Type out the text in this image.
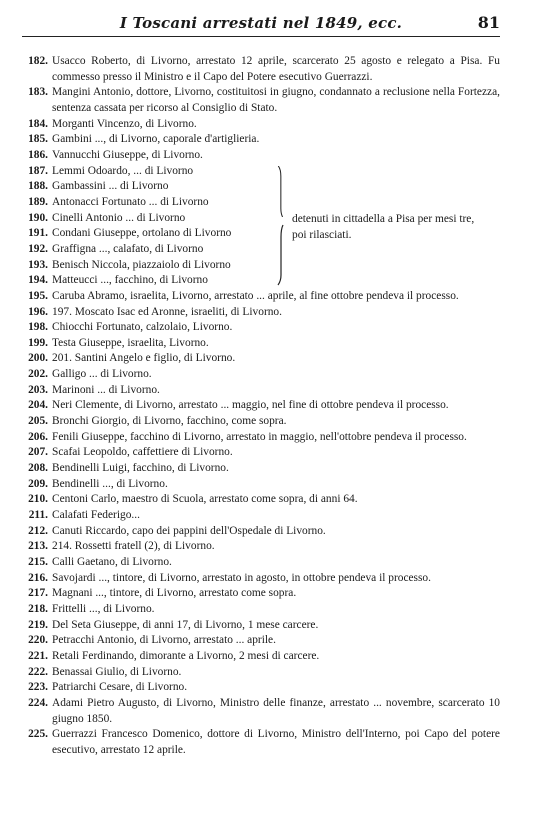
I Toscani arrestati nel 1849, ecc.	81
182. Usacco Roberto, di Livorno, arrestato 12 aprile, scarcerato 25 agosto e relegato a Pisa. Fu commesso presso il Ministro e il Capo del Potere esecutivo Guerrazzi.
183. Mangini Antonio, dottore, Livorno, costituitosi in giugno, condannato a reclusione nella Fortezza, sentenza cassata per ricorso al Consiglio di Stato.
184. Morganti Vincenzo, di Livorno.
185. Gambini ..., di Livorno, caporale d'artiglieria.
186. Vannucchi Giuseppe, di Livorno.
187. Lemmi Odoardo, ... di Livorno
188. Gambassini ... di Livorno
189. Antonacci Fortunato ... di Livorno
190. Cinelli Antonio ... di Livorno
191. Condani Giuseppe, ortolano di Livorno
192. Graffigna ..., calafato, di Livorno
193. Benisch Niccola, piazzaiolo di Livorno
194. Matteucci ..., facchino, di Livorno
195. Caruba Abramo, israelita, Livorno, arrestato ... aprile, al fine ottobre pendeva il processo.
196. 197. Moscato Isac ed Aronne, israeliti, di Livorno.
198. Chiocchi Fortunato, calzolaio, Livorno.
199. Testa Giuseppe, israelita, Livorno.
200. 201. Santini Angelo e figlio, di Livorno.
202. Galligo ... di Livorno.
203. Marinoni ... di Livorno.
204. Neri Clemente, di Livorno, arrestato ... maggio, nel fine di ottobre pendeva il processo.
205. Bronchi Giorgio, di Livorno, facchino, come sopra.
206. Fenili Giuseppe, facchino di Livorno, arrestato in maggio, nell'ottobre pendeva il processo.
207. Scafai Leopoldo, caffettiere di Livorno.
208. Bendinelli Luigi, facchino, di Livorno.
209. Bendinelli ..., di Livorno.
210. Centoni Carlo, maestro di Scuola, arrestato come sopra, di anni 64.
211. Calafati Federigo...
212. Canuti Riccardo, capo dei pappini dell'Ospedale di Livorno.
213. 214. Rossetti fratell (2), di Livorno.
215. Calli Gaetano, di Livorno.
216. Savojardi ..., tintore, di Livorno, arrestato in agosto, in ottobre pendeva il processo.
217. Magnani ..., tintore, di Livorno, arrestato come sopra.
218. Frittelli ..., di Livorno.
219. Del Seta Giuseppe, di anni 17, di Livorno, 1 mese carcere.
220. Petracchi Antonio, di Livorno, arrestato ... aprile.
221. Retali Ferdinando, dimorante a Livorno, 2 mesi di carcere.
222. Benassai Giulio, di Livorno.
223. Patriarchi Cesare, di Livorno.
224. Adami Pietro Augusto, di Livorno, Ministro delle finanze, arrestato ... novembre, scarcerato 10 giugno 1850.
225. Guerrazzi Francesco Domenico, dottore di Livorno, Ministro dell'Interno, poi Capo del potere esecutivo, arrestato 12 aprile.
detenuti in cittadella a Pisa per mesi tre, poi rilasciati.
